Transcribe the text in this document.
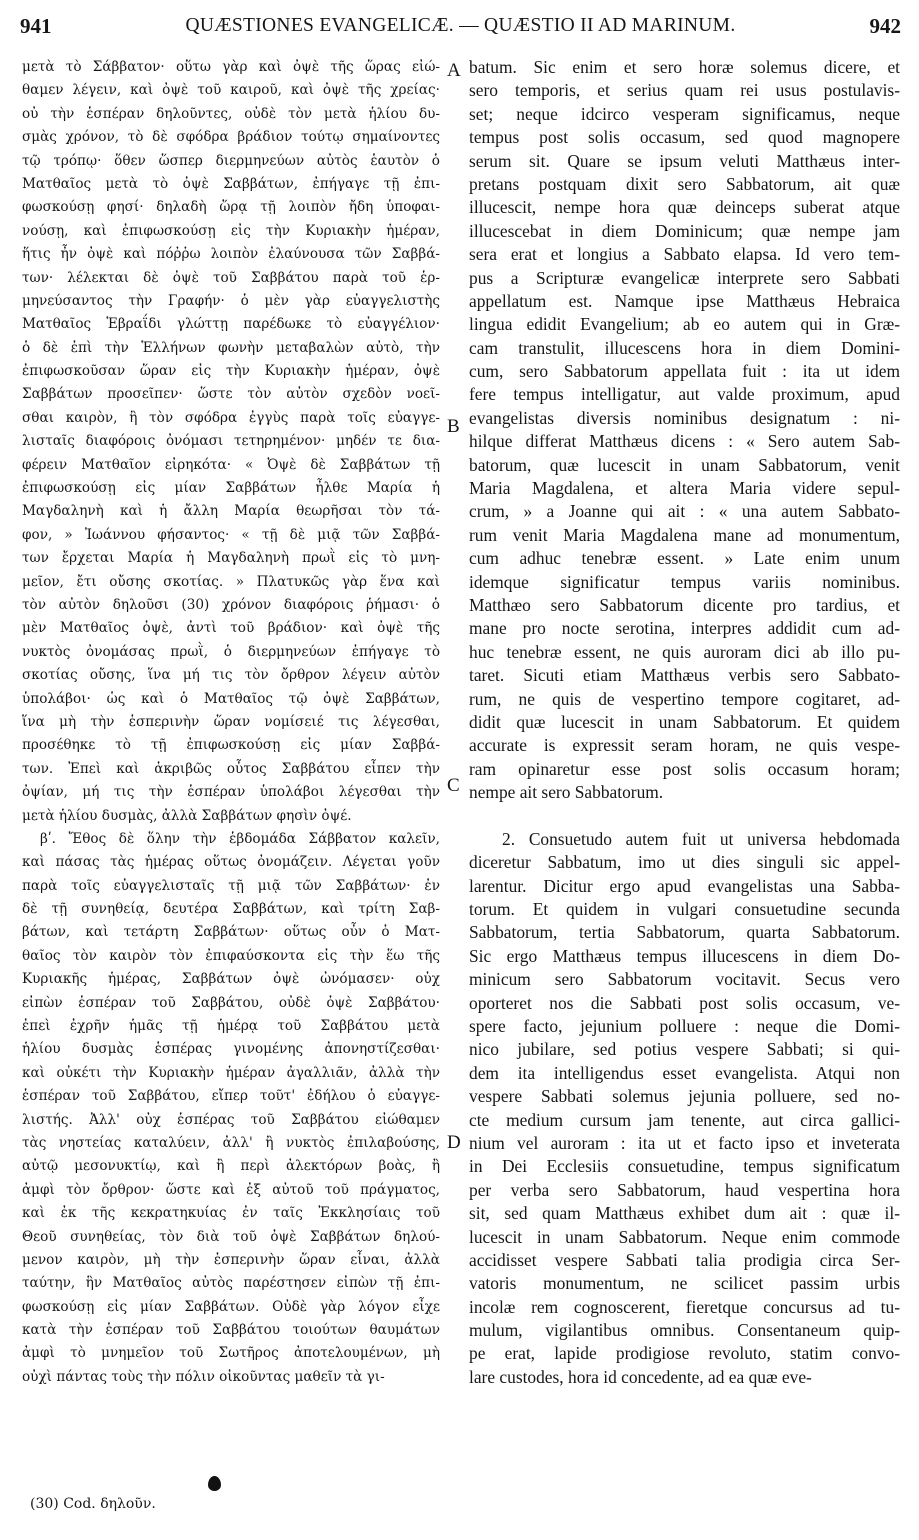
941	QUÆSTIONES EVANGELICÆ. — QUÆSTIO II AD MARINUM.	942
μετὰ τὸ Σάββατον· οὕτω γὰρ καὶ ὀψὲ τῆς ὥρας εἰώ-
θαμεν λέγειν, καὶ ὀψὲ τοῦ καιροῦ, καὶ ὀψὲ τῆς χρείας·
οὐ τὴν ἑσπέραν δηλοῦντες, οὐδὲ τὸν μετὰ ἡλίου δυ-
σμὰς χρόνον, τὸ δὲ σφόδρα βράδιον τούτῳ σημαίνοντες
τῷ τρόπῳ· ὅθεν ὥσπερ διερμηνεύων αὐτὸς ἑαυτὸν ὁ
Ματθαῖος μετὰ τὸ ὀψὲ Σαββάτων, ἐπήγαγε τῇ ἐπι-
φωσκούσῃ φησί· δηλαδὴ ὥρᾳ τῇ λοιπὸν ἤδη ὑποφαι-
νούσῃ, καὶ ἐπιφωσκούσῃ εἰς τὴν Κυριακὴν ἡμέραν,
ἥτις ἦν ὀψὲ καὶ πόῤῥω λοιπὸν ἐλαύνουσα τῶν Σαββά-
των· λέλεκται δὲ ὀψὲ τοῦ Σαββάτου παρὰ τοῦ ἑρ-
μηνεύσαντος τὴν Γραφήν· ὁ μὲν γὰρ εὐαγγελιστὴς
Ματθαῖος Ἑβραΐδι γλώττῃ παρέδωκε τὸ εὐαγγέλιον·
ὁ δὲ ἐπὶ τὴν Ἑλλήνων φωνὴν μεταβαλὼν αὐτὸ, τὴν
ἐπιφωσκοῦσαν ὥραν εἰς τὴν Κυριακὴν ἡμέραν, ὀψὲ
Σαββάτων προσεῖπεν· ὥστε τὸν αὐτὸν σχεδὸν νοεῖ-
σθαι καιρὸν, ἢ τὸν σφόδρα ἐγγὺς παρὰ τοῖς εὐαγγε-
λισταῖς διαφόροις ὀνόμασι τετηρημένον· μηδέν τε δια-
φέρειν Ματθαῖον εἰρηκότα· « Ὀψὲ δὲ Σαββάτων τῇ
ἐπιφωσκούσῃ εἰς μίαν Σαββάτων ἦλθε Μαρία ἡ
Μαγδαληνὴ καὶ ἡ ἄλλη Μαρία θεωρῆσαι τὸν τά-
φον, » Ἰωάννου φήσαντος· « τῇ δὲ μιᾷ τῶν Σαββά-
των ἔρχεται Μαρία ἡ Μαγδαληνὴ πρωῒ εἰς τὸ μνη-
μεῖον, ἔτι οὔσης σκοτίας. » Πλατυκῶς γὰρ ἕνα καὶ
τὸν αὐτὸν δηλοῦσι (30) χρόνον διαφόροις ῥήμασι· ὁ
μὲν Ματθαῖος ὀψὲ, ἀντὶ τοῦ βράδιον· καὶ ὀψὲ τῆς
νυκτὸς ὀνομάσας πρωῒ, ὁ διερμηνεύων ἐπήγαγε τὸ
σκοτίας οὔσης, ἵνα μή τις τὸν ὄρθρον λέγειν αὐτὸν
ὑπολάβοι· ὡς καὶ ὁ Ματθαῖος τῷ ὀψὲ Σαββάτων,
ἵνα μὴ τὴν ἑσπερινὴν ὥραν νομίσειέ τις λέγεσθαι,
προσέθηκε τὸ τῇ ἐπιφωσκούσῃ εἰς μίαν Σαββά-
των. Ἐπεὶ καὶ ἀκριβῶς οὗτος Σαββάτου εἶπεν τὴν
ὀψίαν, μή τις τὴν ἑσπέραν ὑπολάβοι λέγεσθαι τὴν
μετὰ ἡλίου δυσμὰς, ἀλλὰ Σαββάτων φησὶν ὀψέ.
βʹ. Ἔθος δὲ ὅλην τὴν ἑβδομάδα Σάββατον καλεῖν,
καὶ πάσας τὰς ἡμέρας οὕτως ὀνομάζειν. Λέγεται γοῦν
παρὰ τοῖς εὐαγγελισταῖς τῇ μιᾷ τῶν Σαββάτων· ἐν
δὲ τῇ συνηθείᾳ, δευτέρα Σαββάτων, καὶ τρίτη Σαβ-
βάτων, καὶ τετάρτη Σαββάτων· οὕτως οὖν ὁ Ματ-
θαῖος τὸν καιρὸν τὸν ἐπιφαύσκοντα εἰς τὴν ἕω τῆς
Κυριακῆς ἡμέρας, Σαββάτων ὀψὲ ὠνόμασεν· οὐχ
εἰπὼν ἑσπέραν τοῦ Σαββάτου, οὐδὲ ὀψὲ Σαββάτου·
ἐπεὶ ἐχρῆν ἡμᾶς τῇ ἡμέρᾳ τοῦ Σαββάτου μετὰ
ἡλίου δυσμὰς ἑσπέρας γινομένης ἀπονηστίζεσθαι·
καὶ οὐκέτι τὴν Κυριακὴν ἡμέραν ἀγαλλιᾶν, ἀλλὰ τὴν
ἑσπέραν τοῦ Σαββάτου, εἴπερ τοῦτ' ἐδήλου ὁ εὐαγγε-
λιστής. Ἀλλ' οὐχ ἑσπέρας τοῦ Σαββάτου εἰώθαμεν
τὰς νηστείας καταλύειν, ἀλλ' ἢ νυκτὸς ἐπιλαβούσης,
αὐτῷ μεσονυκτίῳ, καὶ ἢ περὶ ἀλεκτόρων βοὰς, ἢ
ἀμφὶ τὸν ὄρθρον· ὥστε καὶ ἐξ αὐτοῦ τοῦ πράγματος,
καὶ ἐκ τῆς κεκρατηκυίας ἐν ταῖς Ἐκκλησίαις τοῦ
Θεοῦ συνηθείας, τὸν διὰ τοῦ ὀψὲ Σαββάτων δηλού-
μενον καιρὸν, μὴ τὴν ἑσπερινὴν ὥραν εἶναι, ἀλλὰ
ταύτην, ἣν Ματθαῖος αὐτὸς παρέστησεν εἰπὼν τῇ ἐπι-
φωσκούσῃ εἰς μίαν Σαββάτων. Οὐδὲ γὰρ λόγον εἶχε
κατὰ τὴν ἑσπέραν τοῦ Σαββάτου τοιούτων θαυμάτων
ἀμφὶ τὸ μνημεῖον τοῦ Σωτῆρος ἀποτελουμένων, μὴ
οὐχὶ πάντας τοὺς τὴν πόλιν οἰκοῦντας μαθεῖν τὰ γι-
batum. Sic enim et sero horæ solemus dicere, et
sero temporis, et serius quam rei usus postulavis-
set; neque idcirco vesperam significamus, neque
tempus post solis occasum, sed quod magnopere
serum sit. Quare se ipsum veluti Matthæus inter-
pretans postquam dixit sero Sabbatorum, ait quæ
illucescit, nempe hora quæ deinceps suberat atque
illucescebat in diem Dominicum; quæ nempe jam
sera erat et longius a Sabbato elapsa. Id vero tem-
pus a Scripturæ evangelicæ interprete sero Sabbati
appellatum est. Namque ipse Matthæus Hebraica
lingua edidit Evangelium; ab eo autem qui in Græ-
cam transtulit, illucescens hora in diem Domini-
cum, sero Sabbatorum appellata fuit : ita ut idem
fere tempus intelligatur, aut valde proximum, apud
evangelistas diversis nominibus designatum : ni-
hilque differat Matthæus dicens : « Sero autem Sab-
batorum, quæ lucescit in unam Sabbatorum, venit
Maria Magdalena, et altera Maria videre sepul-
crum, » a Joanne qui ait : « una autem Sabbato-
rum venit Maria Magdalena mane ad monumentum,
cum adhuc tenebræ essent. » Late enim unum
idemque significatur tempus variis nominibus.
Matthæo sero Sabbatorum dicente pro tardius, et
mane pro nocte serotina, interpres addidit cum ad-
huc tenebræ essent, ne quis auroram dici ab illo pu-
taret. Sicuti etiam Matthæus verbis sero Sabbato-
rum, ne quis de vespertino tempore cogitaret, ad-
didit quæ lucescit in unam Sabbatorum. Et quidem
accurate is expressit seram horam, ne quis vespe-
ram opinaretur esse post solis occasum horam;
nempe ait sero Sabbatorum.
2. Consuetudo autem fuit ut universa hebdomada
diceretur Sabbatum, imo ut dies singuli sic appel-
larentur. Dicitur ergo apud evangelistas una Sabba-
torum. Et quidem in vulgari consuetudine secunda
Sabbatorum, tertia Sabbatorum, quarta Sabbatorum.
Sic ergo Matthæus tempus illucescens in diem Do-
minicum sero Sabbatorum vocitavit. Secus vero
oporteret nos die Sabbati post solis occasum, ve-
spere facto, jejunium polluere : neque die Domi-
nico jubilare, sed potius vespere Sabbati; si qui-
dem ita intelligendus esset evangelista. Atqui non
vespere Sabbati solemus jejunia polluere, sed no-
cte medium cursum jam tenente, aut circa gallici-
nium vel auroram : ita ut et facto ipso et inveterata
in Dei Ecclesiis consuetudine, tempus significatum
per verba sero Sabbatorum, haud vespertina hora
sit, sed quam Matthæus exhibet dum ait : quæ il-
lucescit in unam Sabbatorum. Neque enim commode
accidisset vespere Sabbati talia prodigia circa Ser-
vatoris monumentum, ne scilicet passim urbis
incolæ rem cognoscerent, fieretque concursus ad tu-
mulum, vigilantibus omnibus. Consentaneum quip-
pe erat, lapide prodigiose revoluto, statim convo-
lare custodes, hora id concedente, ad ea quæ eve-
A
B
C
D
(30) Cod. δηλοῦν.
